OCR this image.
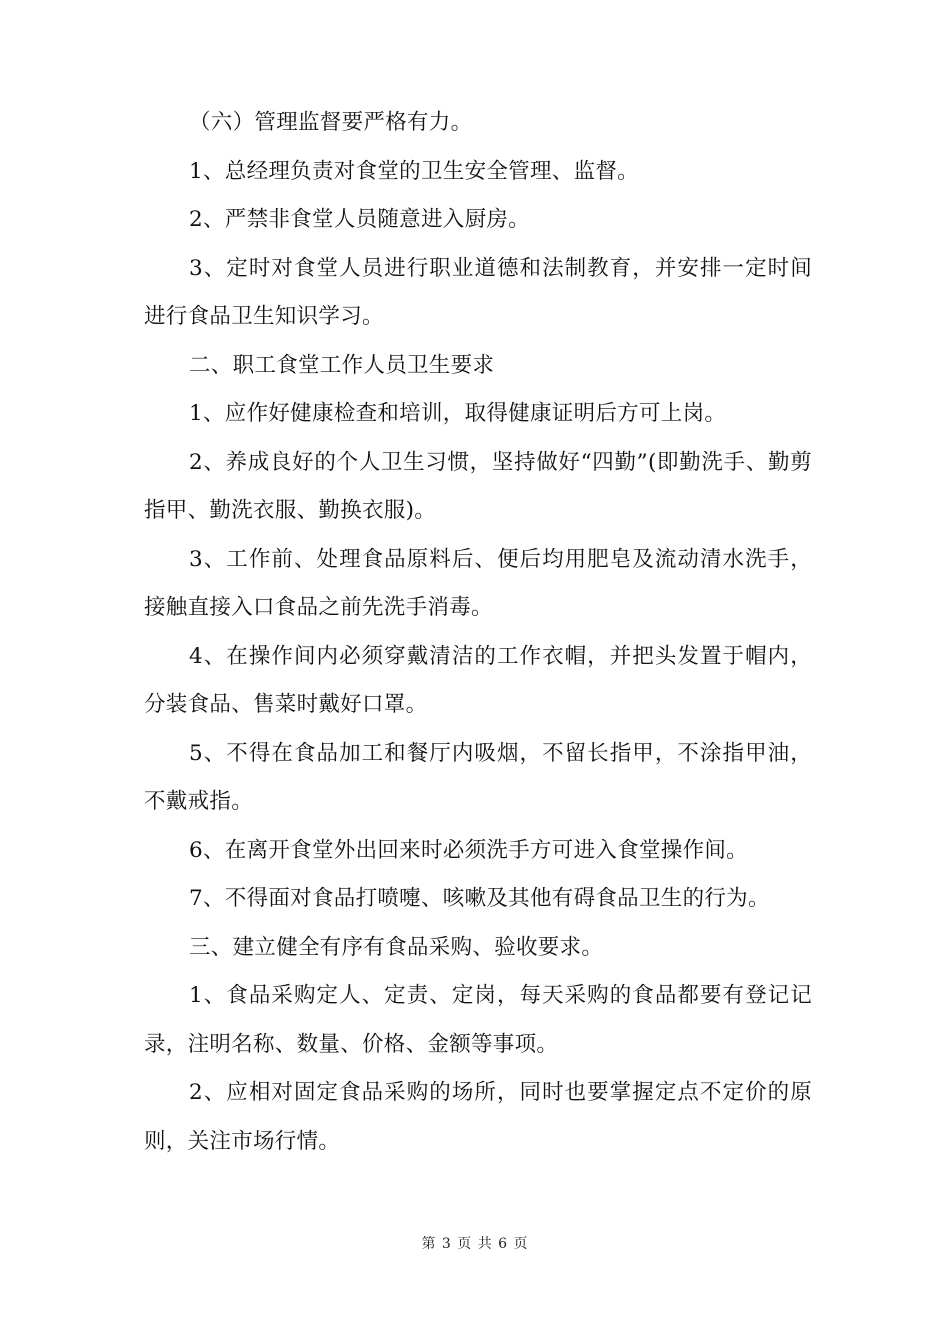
（六）管理监督要严格有力。

1、总经理负责对食堂的卫生安全管理、监督。

2、严禁非食堂人员随意进入厨房。

3、定时对食堂人员进行职业道德和法制教育，并安排一定时间进行食品卫生知识学习。

二、职工食堂工作人员卫生要求

1、应作好健康检查和培训，取得健康证明后方可上岗。

2、养成良好的个人卫生习惯，坚持做好“四勤”(即勤洗手、勤剪指甲、勤洗衣服、勤换衣服)。

3、工作前、处理食品原料后、便后均用肥皂及流动清水洗手，接触直接入口食品之前先洗手消毒。

4、在操作间内必须穿戴清洁的工作衣帽，并把头发置于帽内，分装食品、售菜时戴好口罩。

5、不得在食品加工和餐厅内吸烟，不留长指甲，不涂指甲油，不戴戒指。

6、在离开食堂外出回来时必须洗手方可进入食堂操作间。

7、不得面对食品打喷嚏、咳嗽及其他有碍食品卫生的行为。

三、建立健全有序有食品采购、验收要求。

1、食品采购定人、定责、定岗，每天采购的食品都要有登记记录，注明名称、数量、价格、金额等事项。

2、应相对固定食品采购的场所，同时也要掌握定点不定价的原则，关注市场行情。

第 3 页 共 6 页
